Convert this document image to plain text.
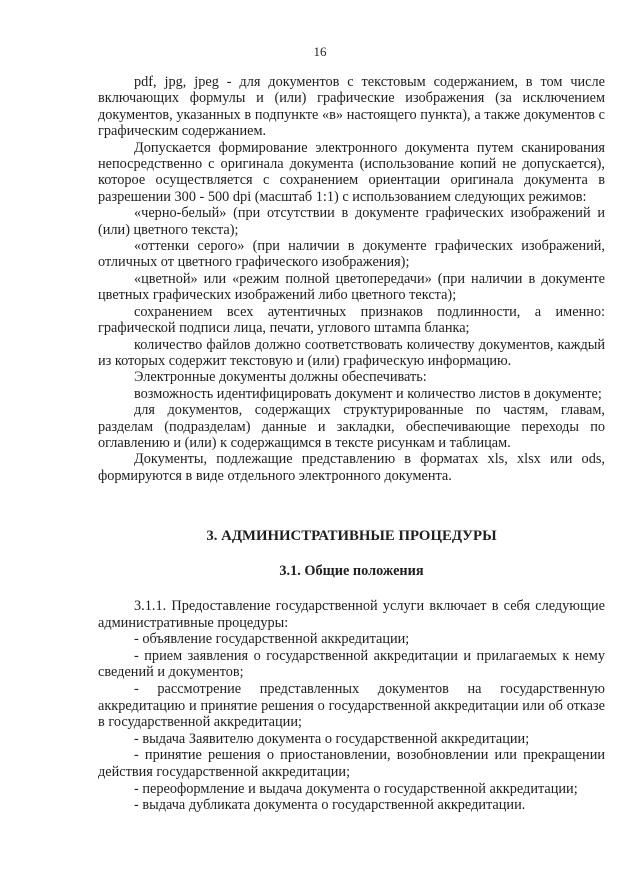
16

pdf, jpg, jpeg - для документов с текстовым содержанием, в том числе включающих формулы и (или) графические изображения (за исключением документов, указанных в подпункте «в» настоящего пункта), а также документов с графическим содержанием.

Допускается формирование электронного документа путем сканирования непосредственно с оригинала документа (использование копий не допускается), которое осуществляется с сохранением ориентации оригинала документа в разрешении 300 - 500 dpi (масштаб 1:1) с использованием следующих режимов:

«черно-белый» (при отсутствии в документе графических изображений и (или) цветного текста);

«оттенки серого» (при наличии в документе графических изображений, отличных от цветного графического изображения);

«цветной» или «режим полной цветопередачи» (при наличии в документе цветных графических изображений либо цветного текста);

сохранением всех аутентичных признаков подлинности, а именно: графической подписи лица, печати, углового штампа бланка;

количество файлов должно соответствовать количеству документов, каждый из которых содержит текстовую и (или) графическую информацию.

Электронные документы должны обеспечивать:

возможность идентифицировать документ и количество листов в документе;

для документов, содержащих структурированные по частям, главам, разделам (подразделам) данные и закладки, обеспечивающие переходы по оглавлению и (или) к содержащимся в тексте рисункам и таблицам.

Документы, подлежащие представлению в форматах xls, xlsx или ods, формируются в виде отдельного электронного документа.

3. АДМИНИСТРАТИВНЫЕ ПРОЦЕДУРЫ
3.1. Общие положения

3.1.1. Предоставление государственной услуги включает в себя следующие административные процедуры:

- объявление государственной аккредитации;

- прием заявления о государственной аккредитации и прилагаемых к нему сведений и документов;

- рассмотрение представленных документов на государственную аккредитацию и принятие решения о государственной аккредитации или об отказе в государственной аккредитации;

- выдача Заявителю документа о государственной аккредитации;

- принятие решения о приостановлении, возобновлении или прекращении действия государственной аккредитации;

- переоформление и выдача документа о государственной аккредитации;

- выдача дубликата документа о государственной аккредитации.
